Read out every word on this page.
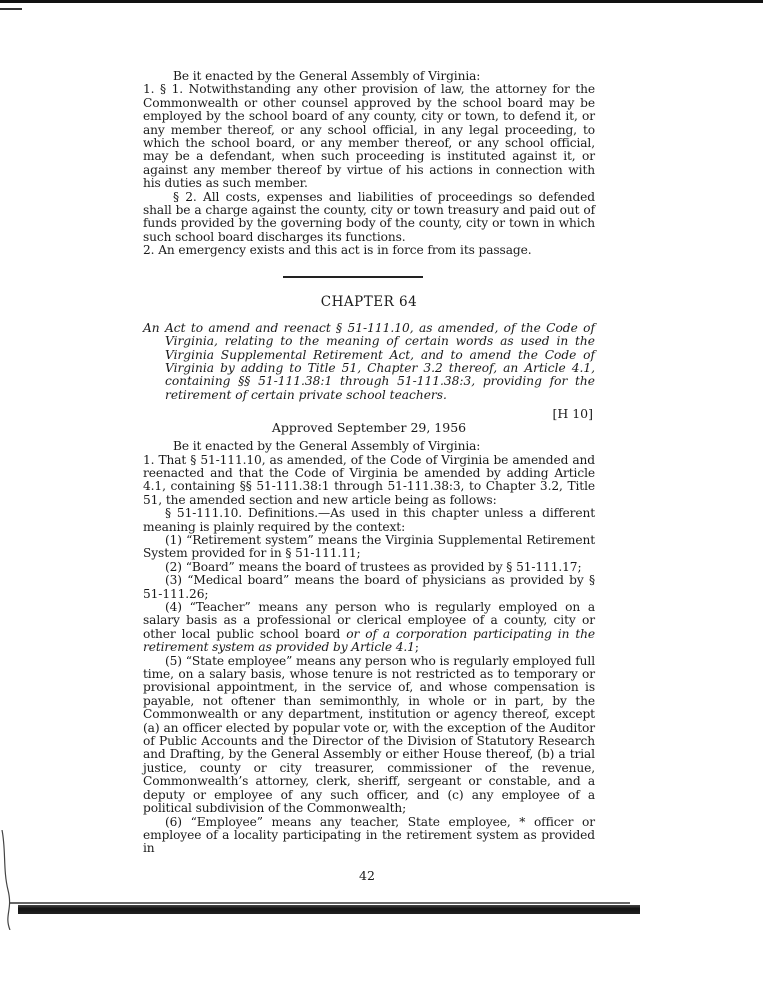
Be it enacted by the General Assembly of Virginia:

1. § 1. Notwithstanding any other provision of law, the attorney for the Commonwealth or other counsel approved by the school board may be employed by the school board of any county, city or town, to defend it, or any member thereof, or any school official, in any legal proceeding, to which the school board, or any member thereof, or any school official, may be a defendant, when such proceeding is instituted against it, or against any member thereof by virtue of his actions in connection with his duties as such member.

§ 2. All costs, expenses and liabilities of proceedings so defended shall be a charge against the county, city or town treasury and paid out of funds provided by the governing body of the county, city or town in which such school board discharges its functions.

2. An emergency exists and this act is in force from its passage.

CHAPTER 64
An Act to amend and reenact § 51-111.10, as amended, of the Code of Virginia, relating to the meaning of certain words as used in the Virginia Supplemental Retirement Act, and to amend the Code of Virginia by adding to Title 51, Chapter 3.2 thereof, an Article 4.1, containing §§ 51-111.38:1 through 51-111.38:3, providing for the retirement of certain private school teachers.
[H 10]
Approved September 29, 1956

Be it enacted by the General Assembly of Virginia:

1. That § 51-111.10, as amended, of the Code of Virginia be amended and reenacted and that the Code of Virginia be amended by adding Article 4.1, containing §§ 51-111.38:1 through 51-111.38:3, to Chapter 3.2, Title 51, the amended section and new article being as follows:

§ 51-111.10. Definitions.—As used in this chapter unless a different meaning is plainly required by the context:

(1) “Retirement system” means the Virginia Supplemental Retirement System provided for in § 51-111.11;

(2) “Board” means the board of trustees as provided by § 51-111.17;

(3) “Medical board” means the board of physicians as provided by § 51-111.26;

(4) “Teacher” means any person who is regularly employed on a salary basis as a professional or clerical employee of a county, city or other local public school board or of a corporation participating in the retirement system as provided by Article 4.1;

(5) “State employee” means any person who is regularly employed full time, on a salary basis, whose tenure is not restricted as to temporary or provisional appointment, in the service of, and whose compensation is payable, not oftener than semimonthly, in whole or in part, by the Commonwealth or any department, institution or agency thereof, except (a) an officer elected by popular vote or, with the exception of the Auditor of Public Accounts and the Director of the Division of Statutory Research and Drafting, by the General Assembly or either House thereof, (b) a trial justice, county or city treasurer, commissioner of the revenue, Commonwealth’s attorney, clerk, sheriff, sergeant or constable, and a deputy or employee of any such officer, and (c) any employee of a political subdivision of the Commonwealth;

(6) “Employee” means any teacher, State employee, * officer or employee of a locality participating in the retirement system as provided in

42
